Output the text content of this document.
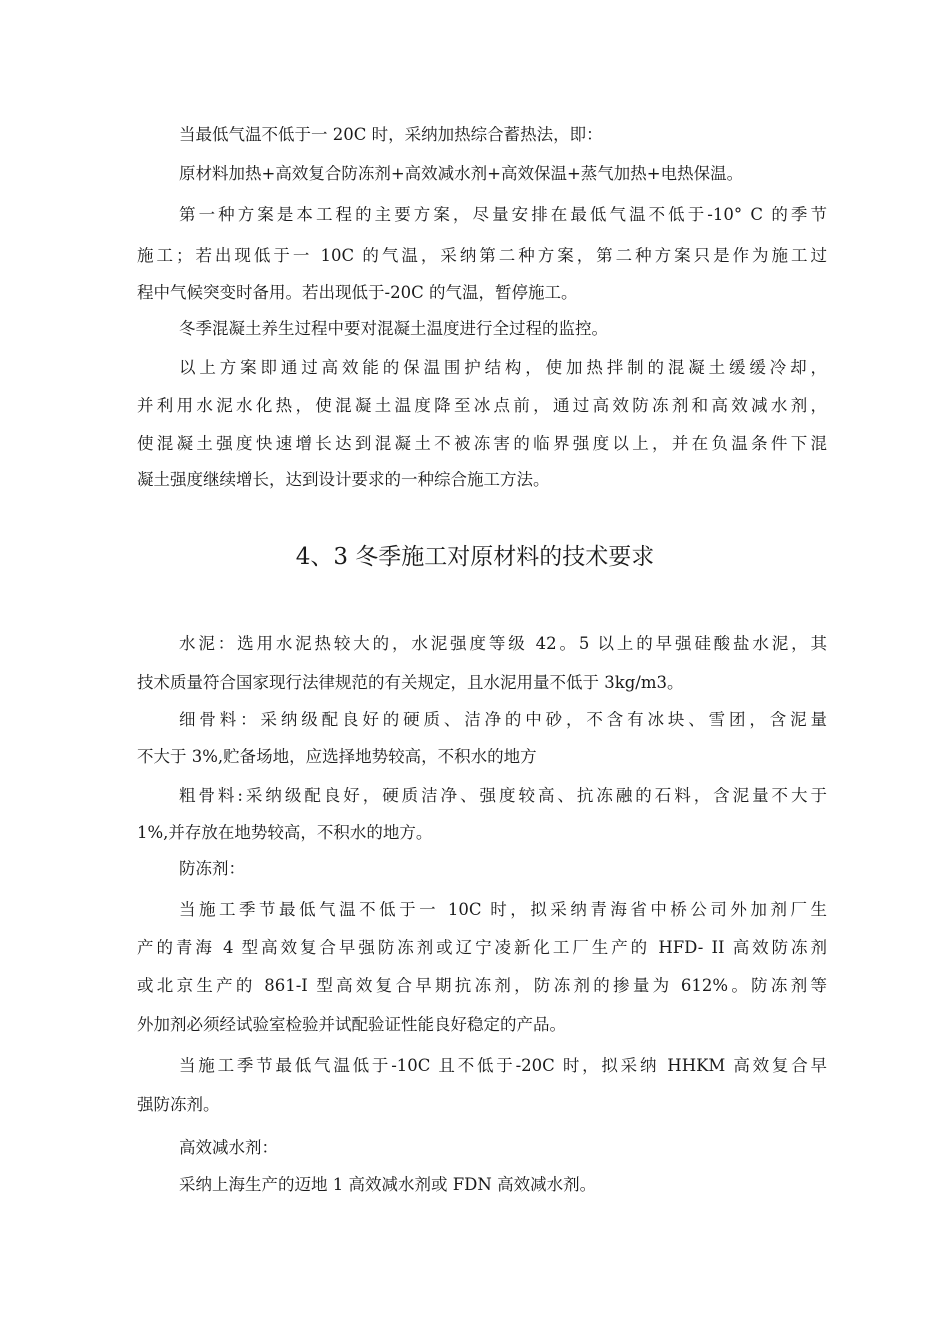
当最低气温不低于一 20C 时，采纳加热综合蓄热法，即：
原材料加热+高效复合防冻剂+高效减水剂+高效保温+蒸气加热+电热保温。
第一种方案是本工程的主要方案，尽量安排在最低气温不低于-10° C 的季节
施工；若出现低于一 10C 的气温，采纳第二种方案，第二种方案只是作为施工过
程中气候突变时备用。若出现低于-20C 的气温，暂停施工。
冬季混凝土养生过程中要对混凝土温度进行全过程的监控。
以上方案即通过高效能的保温围护结构，使加热拌制的混凝土缓缓冷却，
并利用水泥水化热，使混凝土温度降至冰点前，通过高效防冻剂和高效减水剂，
使混凝土强度快速增长达到混凝土不被冻害的临界强度以上，并在负温条件下混
凝土强度继续增长，达到设计要求的一种综合施工方法。
4、3 冬季施工对原材料的技术要求
水泥：选用水泥热较大的，水泥强度等级 42。5 以上的早强硅酸盐水泥，其
技术质量符合国家现行法律规范的有关规定，且水泥用量不低于 3kg/m3。
细骨料：采纳级配良好的硬质、洁净的中砂，不含有冰块、雪团，含泥量
不大于 3%,贮备场地，应选择地势较高，不积水的地方
粗骨料:采纳级配良好，硬质洁净、强度较高、抗冻融的石料，含泥量不大于
1%,并存放在地势较高，不积水的地方。
防冻剂：
当施工季节最低气温不低于一 10C 时，拟采纳青海省中桥公司外加剂厂生
产的青海 4 型高效复合早强防冻剂或辽宁凌新化工厂生产的 HFD- II 高效防冻剂
或北京生产的 861-I 型高效复合早期抗冻剂，防冻剂的掺量为 612%。防冻剂等
外加剂必须经试验室检验并试配验证性能良好稳定的产品。
当施工季节最低气温低于-10C 且不低于-20C 时，拟采纳 HHKM 高效复合早
强防冻剂。
高效减水剂：
采纳上海生产的迈地 1 高效减水剂或 FDN 高效减水剂。
